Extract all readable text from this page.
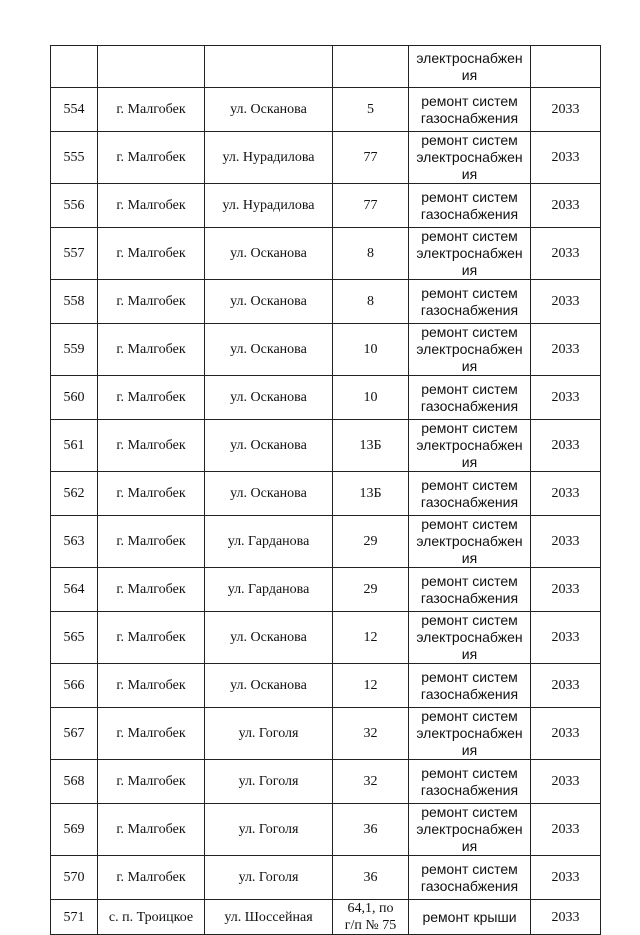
				электроснабжен
ия	

554	г. Малгобек	ул. Осканова	5	ремонт систем
газоснабжения	2033
555	г. Малгобек	ул. Нурадилова	77	ремонт систем
электроснабжен
ия	2033
556	г. Малгобек	ул. Нурадилова	77	ремонт систем
газоснабжения	2033
557	г. Малгобек	ул. Осканова	8	ремонт систем
электроснабжен
ия	2033
558	г. Малгобек	ул. Осканова	8	ремонт систем
газоснабжения	2033
559	г. Малгобек	ул. Осканова	10	ремонт систем
электроснабжен
ия	2033
560	г. Малгобек	ул. Осканова	10	ремонт систем
газоснабжения	2033
561	г. Малгобек	ул. Осканова	13Б	ремонт систем
электроснабжен
ия	2033
562	г. Малгобек	ул. Осканова	13Б	ремонт систем
газоснабжения	2033
563	г. Малгобек	ул. Гарданова	29	ремонт систем
электроснабжен
ия	2033
564	г. Малгобек	ул. Гарданова	29	ремонт систем
газоснабжения	2033
565	г. Малгобек	ул. Осканова	12	ремонт систем
электроснабжен
ия	2033
566	г. Малгобек	ул. Осканова	12	ремонт систем
газоснабжения	2033
567	г. Малгобек	ул. Гоголя	32	ремонт систем
электроснабжен
ия	2033
568	г. Малгобек	ул. Гоголя	32	ремонт систем
газоснабжения	2033
569	г. Малгобек	ул. Гоголя	36	ремонт систем
электроснабжен
ия	2033
570	г. Малгобек	ул. Гоголя	36	ремонт систем
газоснабжения	2033
571	с. п. Троицкое	ул. Шоссейная	64,1, по
г/п № 75	ремонт крыши	2033
